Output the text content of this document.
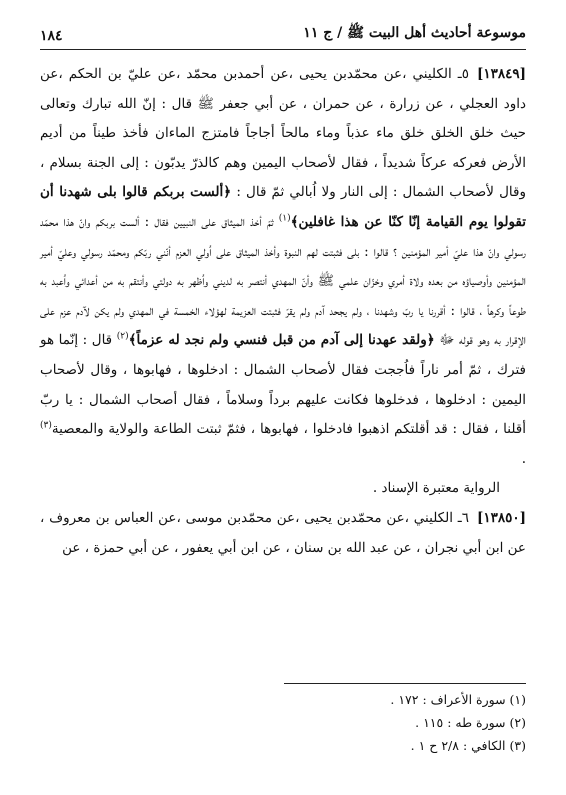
موسوعة أحاديث أهل البيت ﷺ / ج ١١
١٨٤

[١٣٨٤٩]٥ـ الكليني ،عن محمّدبن يحيى ،عن أحمدبن محمّد ،عن عليّ بن الحكم ،عن داود العجلي ، عن زرارة ، عن حمران ، عن أبي جعفر ﷺ قال : إنّ الله تبارك وتعالى حيث خلق الخلق خلق ماء عذباً وماء مالحاً أجاجاً فامتزج الماءان فأخذ طيناً من أديم الأرض فعركه عركاً شديداً ، فقال لأصحاب اليمين وهم كالذرّ يدبّون : إلى الجنة بسلام ، وقال لأصحاب الشمال : إلى النار ولا اُبالي ثمّ قال : ﴿ألست بربكم قالوا بلى شهدنا أن تقولوا يوم القيامة إنّا كنّا عن هذا غافلين﴾$^{(١)}$ ثمّ أخذ الميثاق على النبيين فقال : ألست بربكم وانّ هذا محمّد رسولي وانّ هذا عليّ أمير المؤمنين ؟ قالوا : بلى فثبتت لهم النبوة وأخذ الميثاق على اُولي العزم أنّني ربّكم ومحمّد رسولي وعليّ أمير المؤمنين وأوصياؤه من بعده ولاة أمري وخزّان علمي ﷺ وأنّ المهدي أنتصر به لديني واُظهر به دولتي وأنتقم به من أعدائي واُعبد به طوعاً وكرهاً ، قالوا : أقررنا يا ربّ وشهدنا ، ولم يجحد آدم ولم يقرّ فثبتت العزيمة لهؤلاء الخمسة في المهدي ولم يكن لآدم عزم على الإقرار به وهو قوله ﷻ ﴿ولقد عهدنا إلى آدم من قبل فنسي ولم نجد له عزماً﴾$^{(٢)}$ قال : إنّما هو فترك ، ثمّ أمر ناراً فاُججت فقال لأصحاب الشمال : ادخلوها ، فهابوها ، وقال لأصحاب اليمين : ادخلوها ، فدخلوها فكانت عليهم برداً وسلاماً ، فقال أصحاب الشمال : يا ربّ أقلنا ، فقال : قد أقلتكم اذهبوا فادخلوا ، فهابوها ، فثمّ ثبتت الطاعة والولاية والمعصية$^{(٣)}$ .

الرواية معتبرة الإسناد .

[١٣٨٥٠]٦ـ الكليني ،عن محمّدبن يحيى ،عن محمّدبن موسى ،عن العباس بن معروف ، عن ابن أبي نجران ، عن عبد الله بن سنان ، عن ابن أبي يعفور ، عن أبي حمزة ، عن

(١) سورة الأعراف : ١٧٢ .
(٢) سورة طه : ١١٥ .
(٣) الكافي : ٢/٨ ح ١ .
